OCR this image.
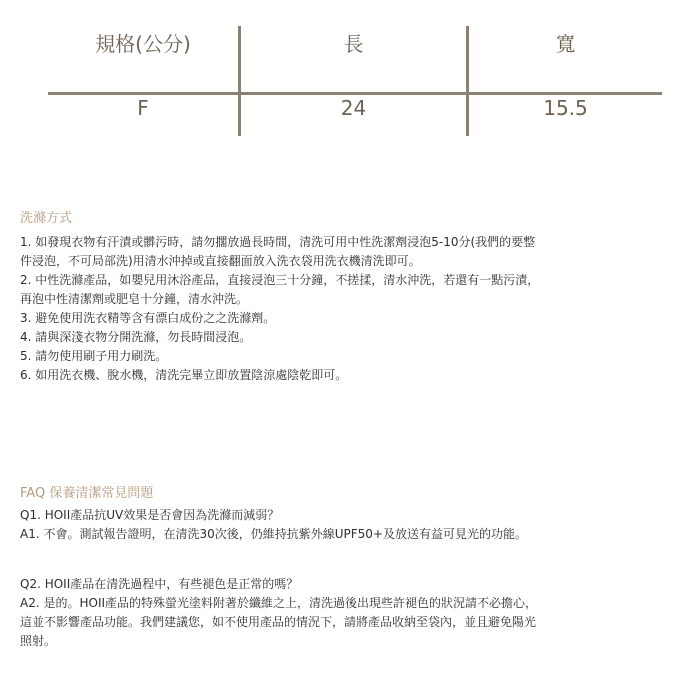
規格(公分)	長	寬
F	24	15.5
洗滌方式
1. 如發現衣物有汗漬或髒污時，請勿擱放過長時間，清洗可用中性洗潔劑浸泡5-10分(我們的要整
件浸泡，不可局部洗)用清水沖掉或直接翻面放入洗衣袋用洗衣機清洗即可。
2. 中性洗滌產品，如嬰兒用沐浴產品，直接浸泡三十分鐘，不搓揉，清水沖洗，若還有一點污漬，
再泡中性清潔劑或肥皂十分鐘，清水沖洗。
3. 避免使用洗衣精等含有漂白成份之之洗滌劑。
4. 請與深淺衣物分開洗滌，勿長時間浸泡。
5. 請勿使用刷子用力刷洗。
6. 如用洗衣機、脫水機，清洗完畢立即放置陰涼處陰乾即可。
FAQ 保養清潔常見問題
Q1. HOII產品抗UV效果是否會因為洗滌而減弱？
A1. 不會。測試報告證明，在清洗30次後，仍維持抗紫外線UPF50+及放送有益可見光的功能。
Q2. HOII產品在清洗過程中，有些褪色是正常的嗎？
A2. 是的。HOII產品的特殊螢光塗料附著於纖維之上，清洗過後出現些許褪色的狀況請不必擔心，
這並不影響產品功能。我們建議您，如不使用產品的情況下，請將產品收納至袋內，並且避免陽光
照射。
